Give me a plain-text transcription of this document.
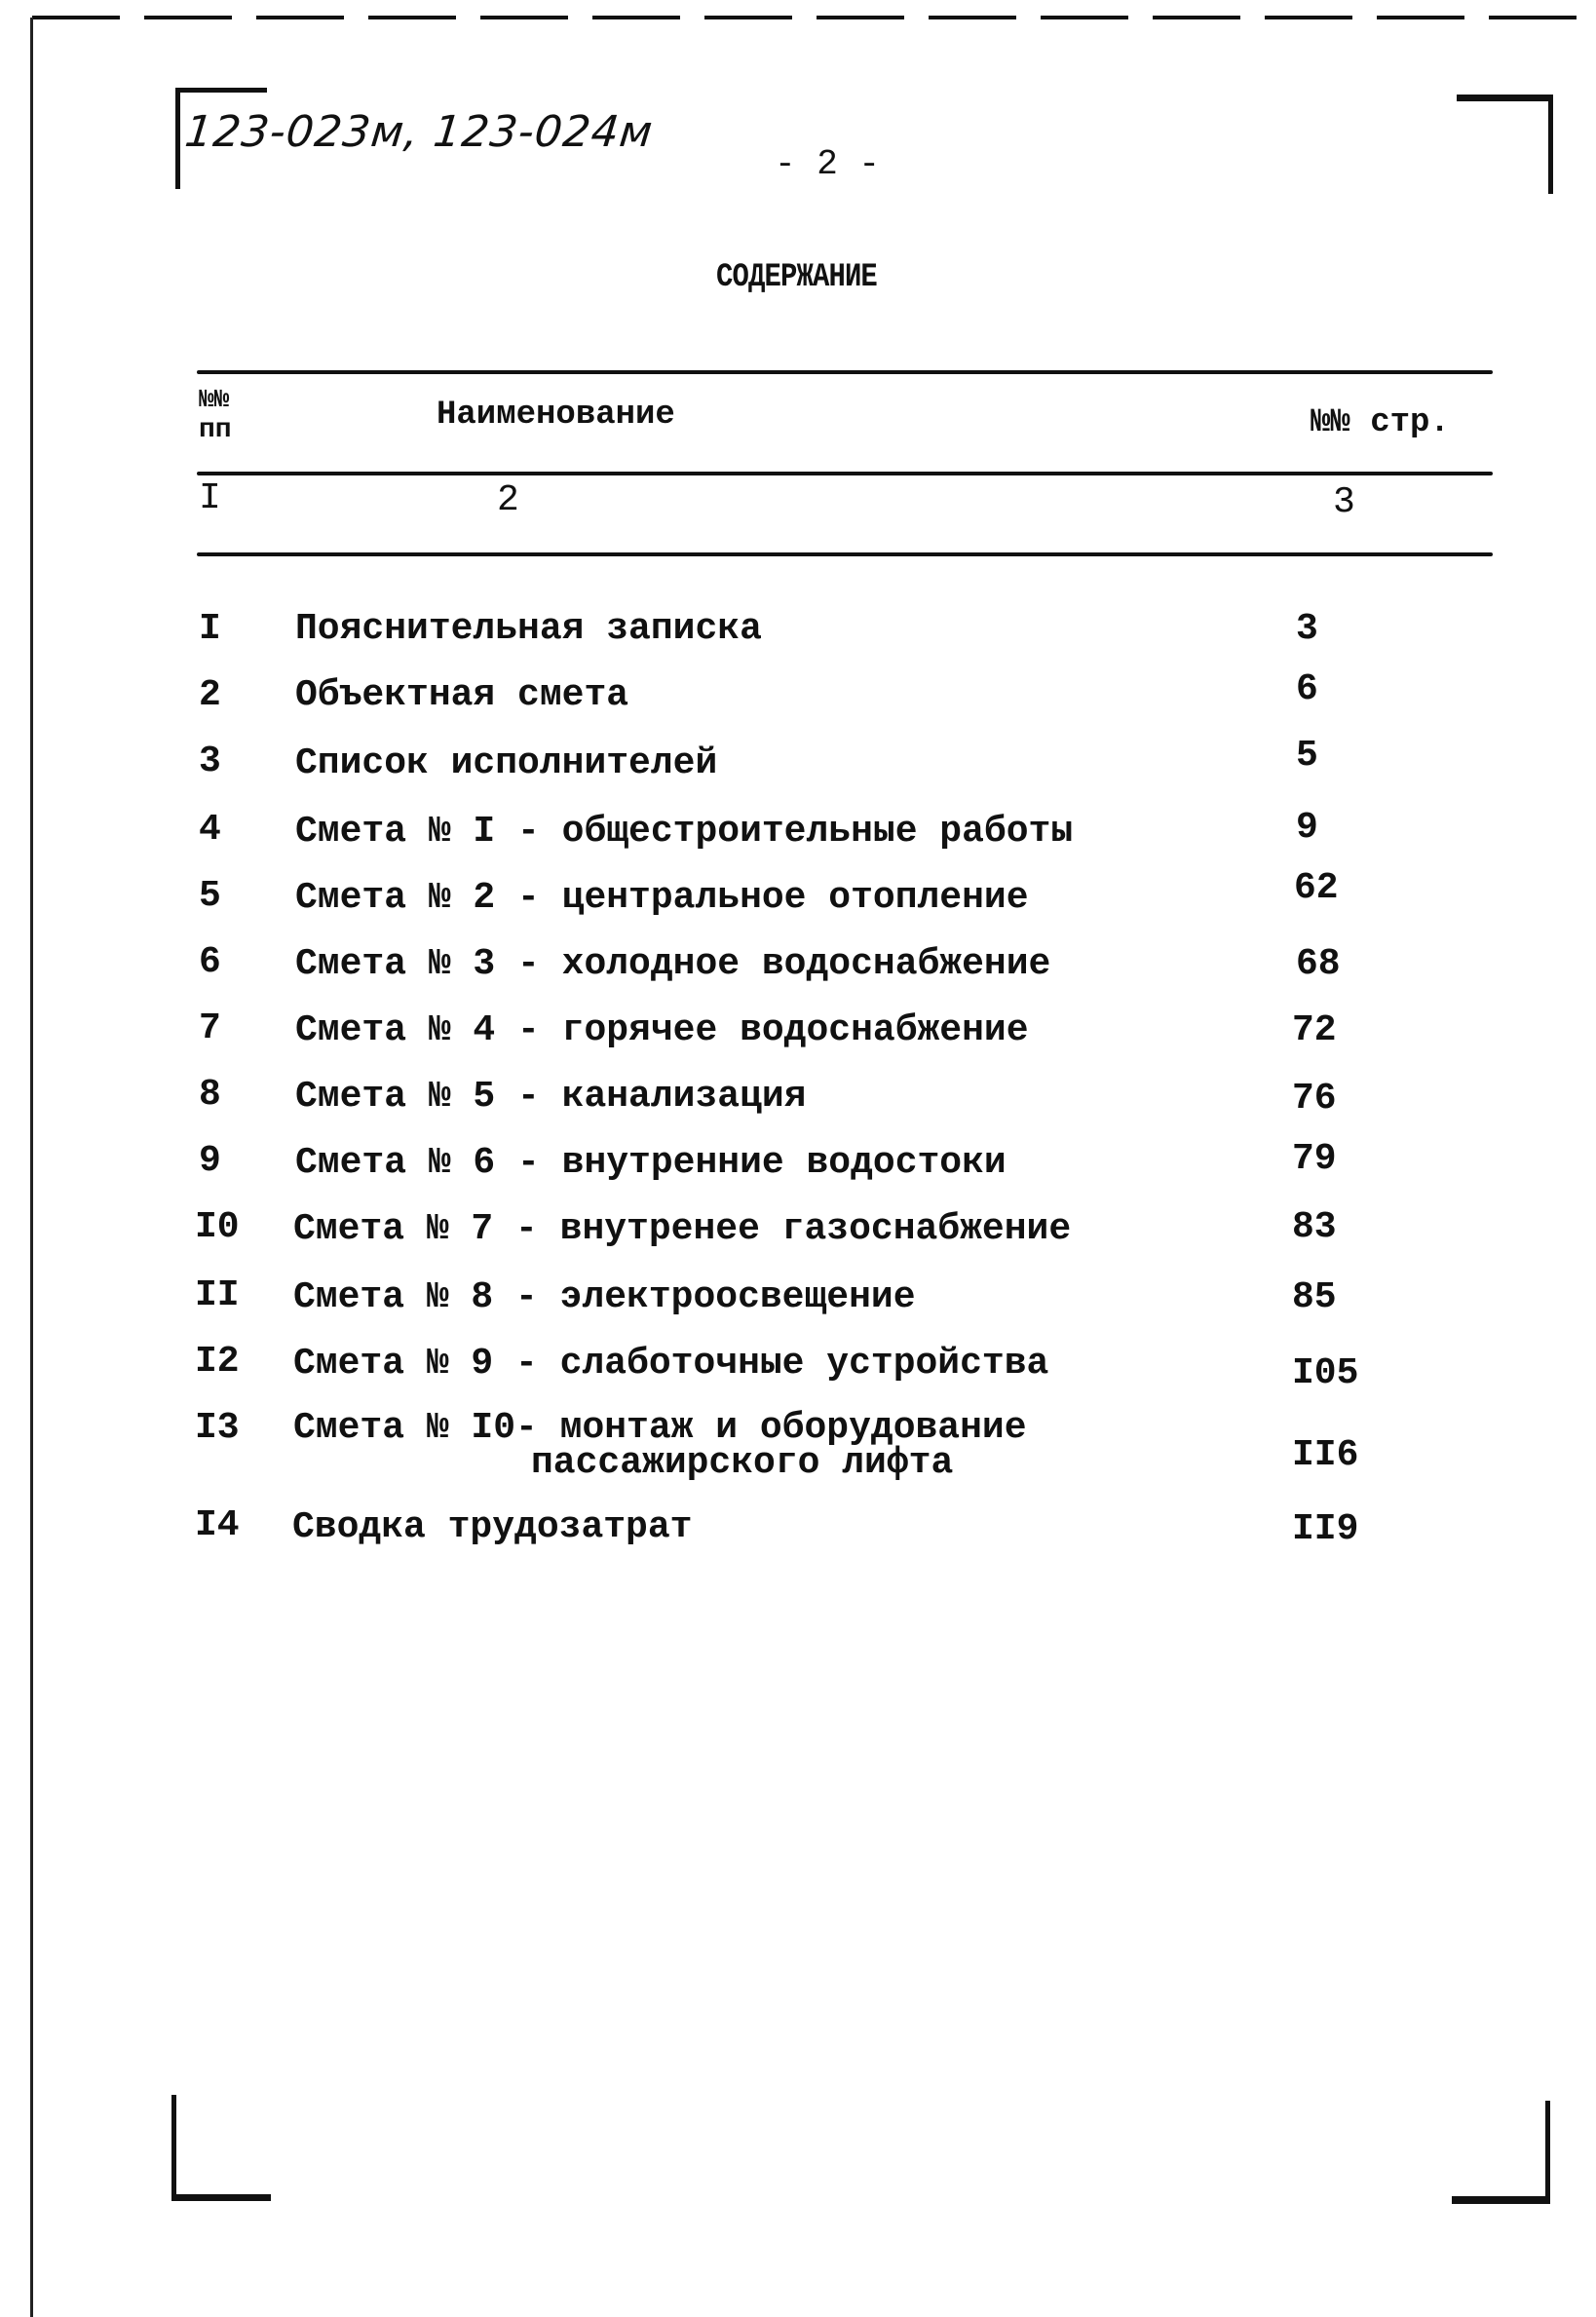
123-023м, 123-024м
- 2 -
СОДЕРЖАНИЕ
№№
пп	Наименование	№№ стр.
I	2	3
I Пояснительная записка	3
2 Объектная смета	6
3 Список исполнителей	5
4 Смета № I - общестроительные работы	9
5 Смета № 2 - центральное отопление	62
6 Смета № 3 - холодное водоснабжение	68
7 Смета № 4 - горячее водоснабжение	72
8 Смета № 5 - канализация	76
9 Смета № 6 - внутренние водостоки	79
I0 Смета № 7 - внутренее газоснабжение	83
II Смета № 8 - электроосвещение	85
I2 Смета № 9 - слаботочные устройства	I05
I3 Смета № I0- монтаж и оборудование
пассажирского лифта	II6
I4 Сводка трудозатрат	II9
